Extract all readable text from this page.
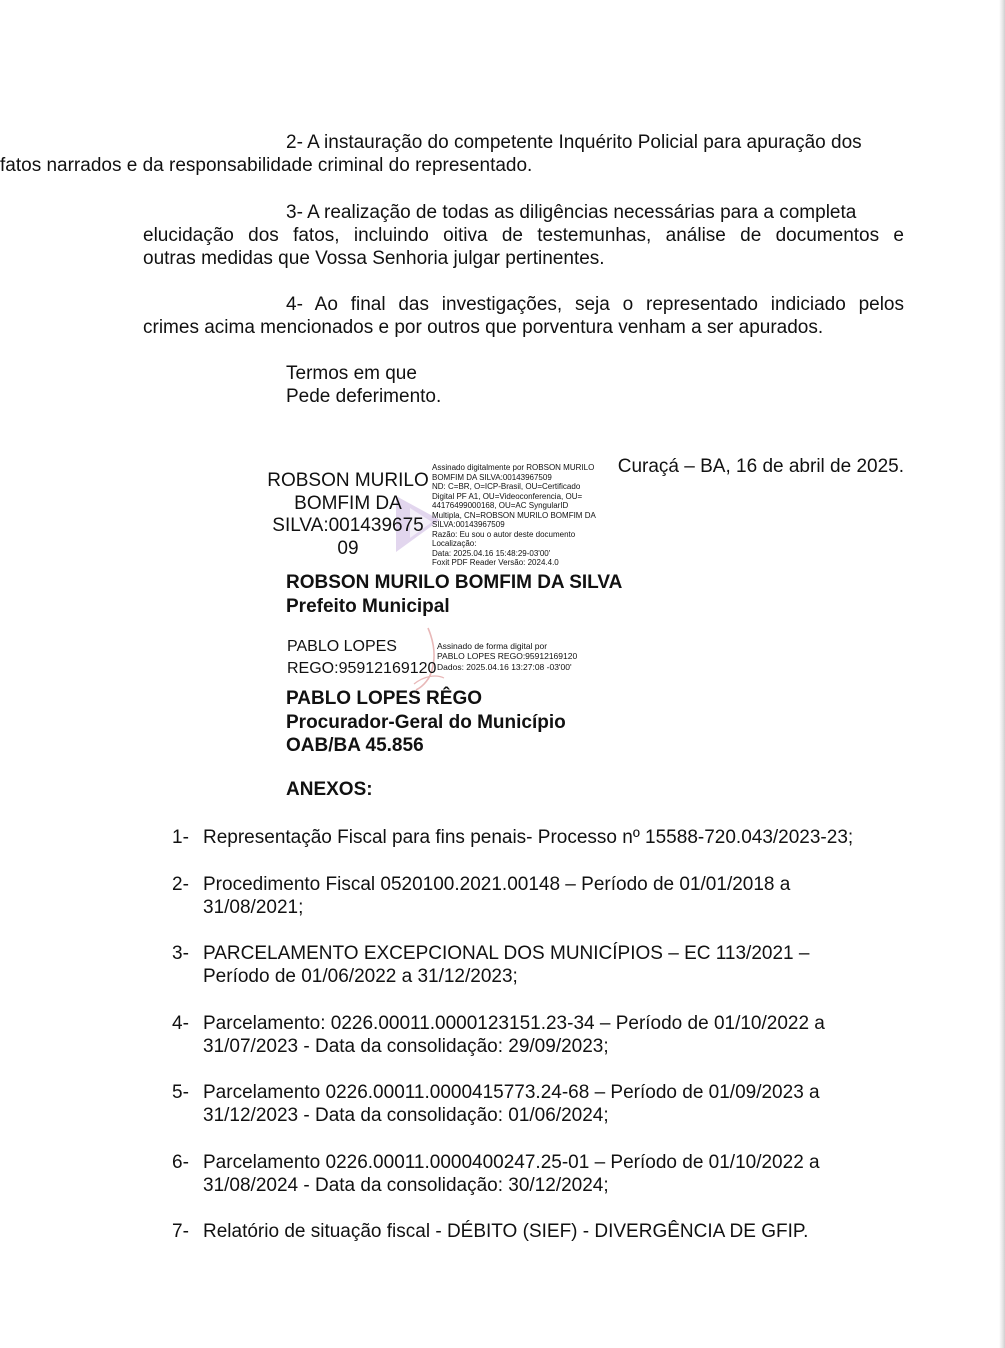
2- A instauração do competente Inquérito Policial para apuração dos
fatos narrados e da responsabilidade criminal do representado.
3- A realização de todas as diligências necessárias para a completa

elucidação dos fatos, incluindo oitiva de testemunhas, análise de documentos e
outras medidas que Vossa Senhoria julgar pertinentes.
4- Ao final das investigações, seja o representado indiciado pelos
crimes acima mencionados e por outros que porventura venham a ser apurados.
Termos em que
Pede deferimento.
Curaçá – BA, 16 de abril de 2025.
ROBSON MURILO
BOMFIM DA
SILVA:001439675
09
Assinado digitalmente por ROBSON MURILO
BOMFIM DA SILVA:00143967509
ND: C=BR, O=ICP-Brasil, OU=Certificado
Digital PF A1, OU=Videoconferencia, OU=
44176499000168, OU=AC SyngularID
Multipla, CN=ROBSON MURILO BOMFIM DA
SILVA:00143967509
Razão: Eu sou o autor deste documento
Localização:
Data: 2025.04.16 15:48:29-03'00'
Foxit PDF Reader Versão: 2024.4.0
ROBSON MURILO BOMFIM DA SILVA
Prefeito Municipal
PABLO LOPES
REGO:95912169120
Assinado de forma digital por
PABLO LOPES REGO:95912169120
Dados: 2025.04.16 13:27:08 -03'00'
PABLO LOPES RÊGO
Procurador-Geral do Município
OAB/BA 45.856
ANEXOS:
1- Representação Fiscal para fins penais- Processo nº 15588-720.043/2023-23;
2- Procedimento Fiscal 0520100.2021.00148 – Período de 01/01/2018 a
31/08/2021;
3- PARCELAMENTO EXCEPCIONAL DOS MUNICÍPIOS – EC 113/2021 –
Período de 01/06/2022 a 31/12/2023;
4- Parcelamento: 0226.00011.0000123151.23-34 – Período de 01/10/2022 a
31/07/2023 - Data da consolidação: 29/09/2023;
5- Parcelamento 0226.00011.0000415773.24-68 – Período de 01/09/2023 a
31/12/2023 - Data da consolidação: 01/06/2024;
6- Parcelamento 0226.00011.0000400247.25-01 – Período de 01/10/2022 a
31/08/2024 - Data da consolidação: 30/12/2024;
7- Relatório de situação fiscal - DÉBITO (SIEF) - DIVERGÊNCIA DE GFIP.
